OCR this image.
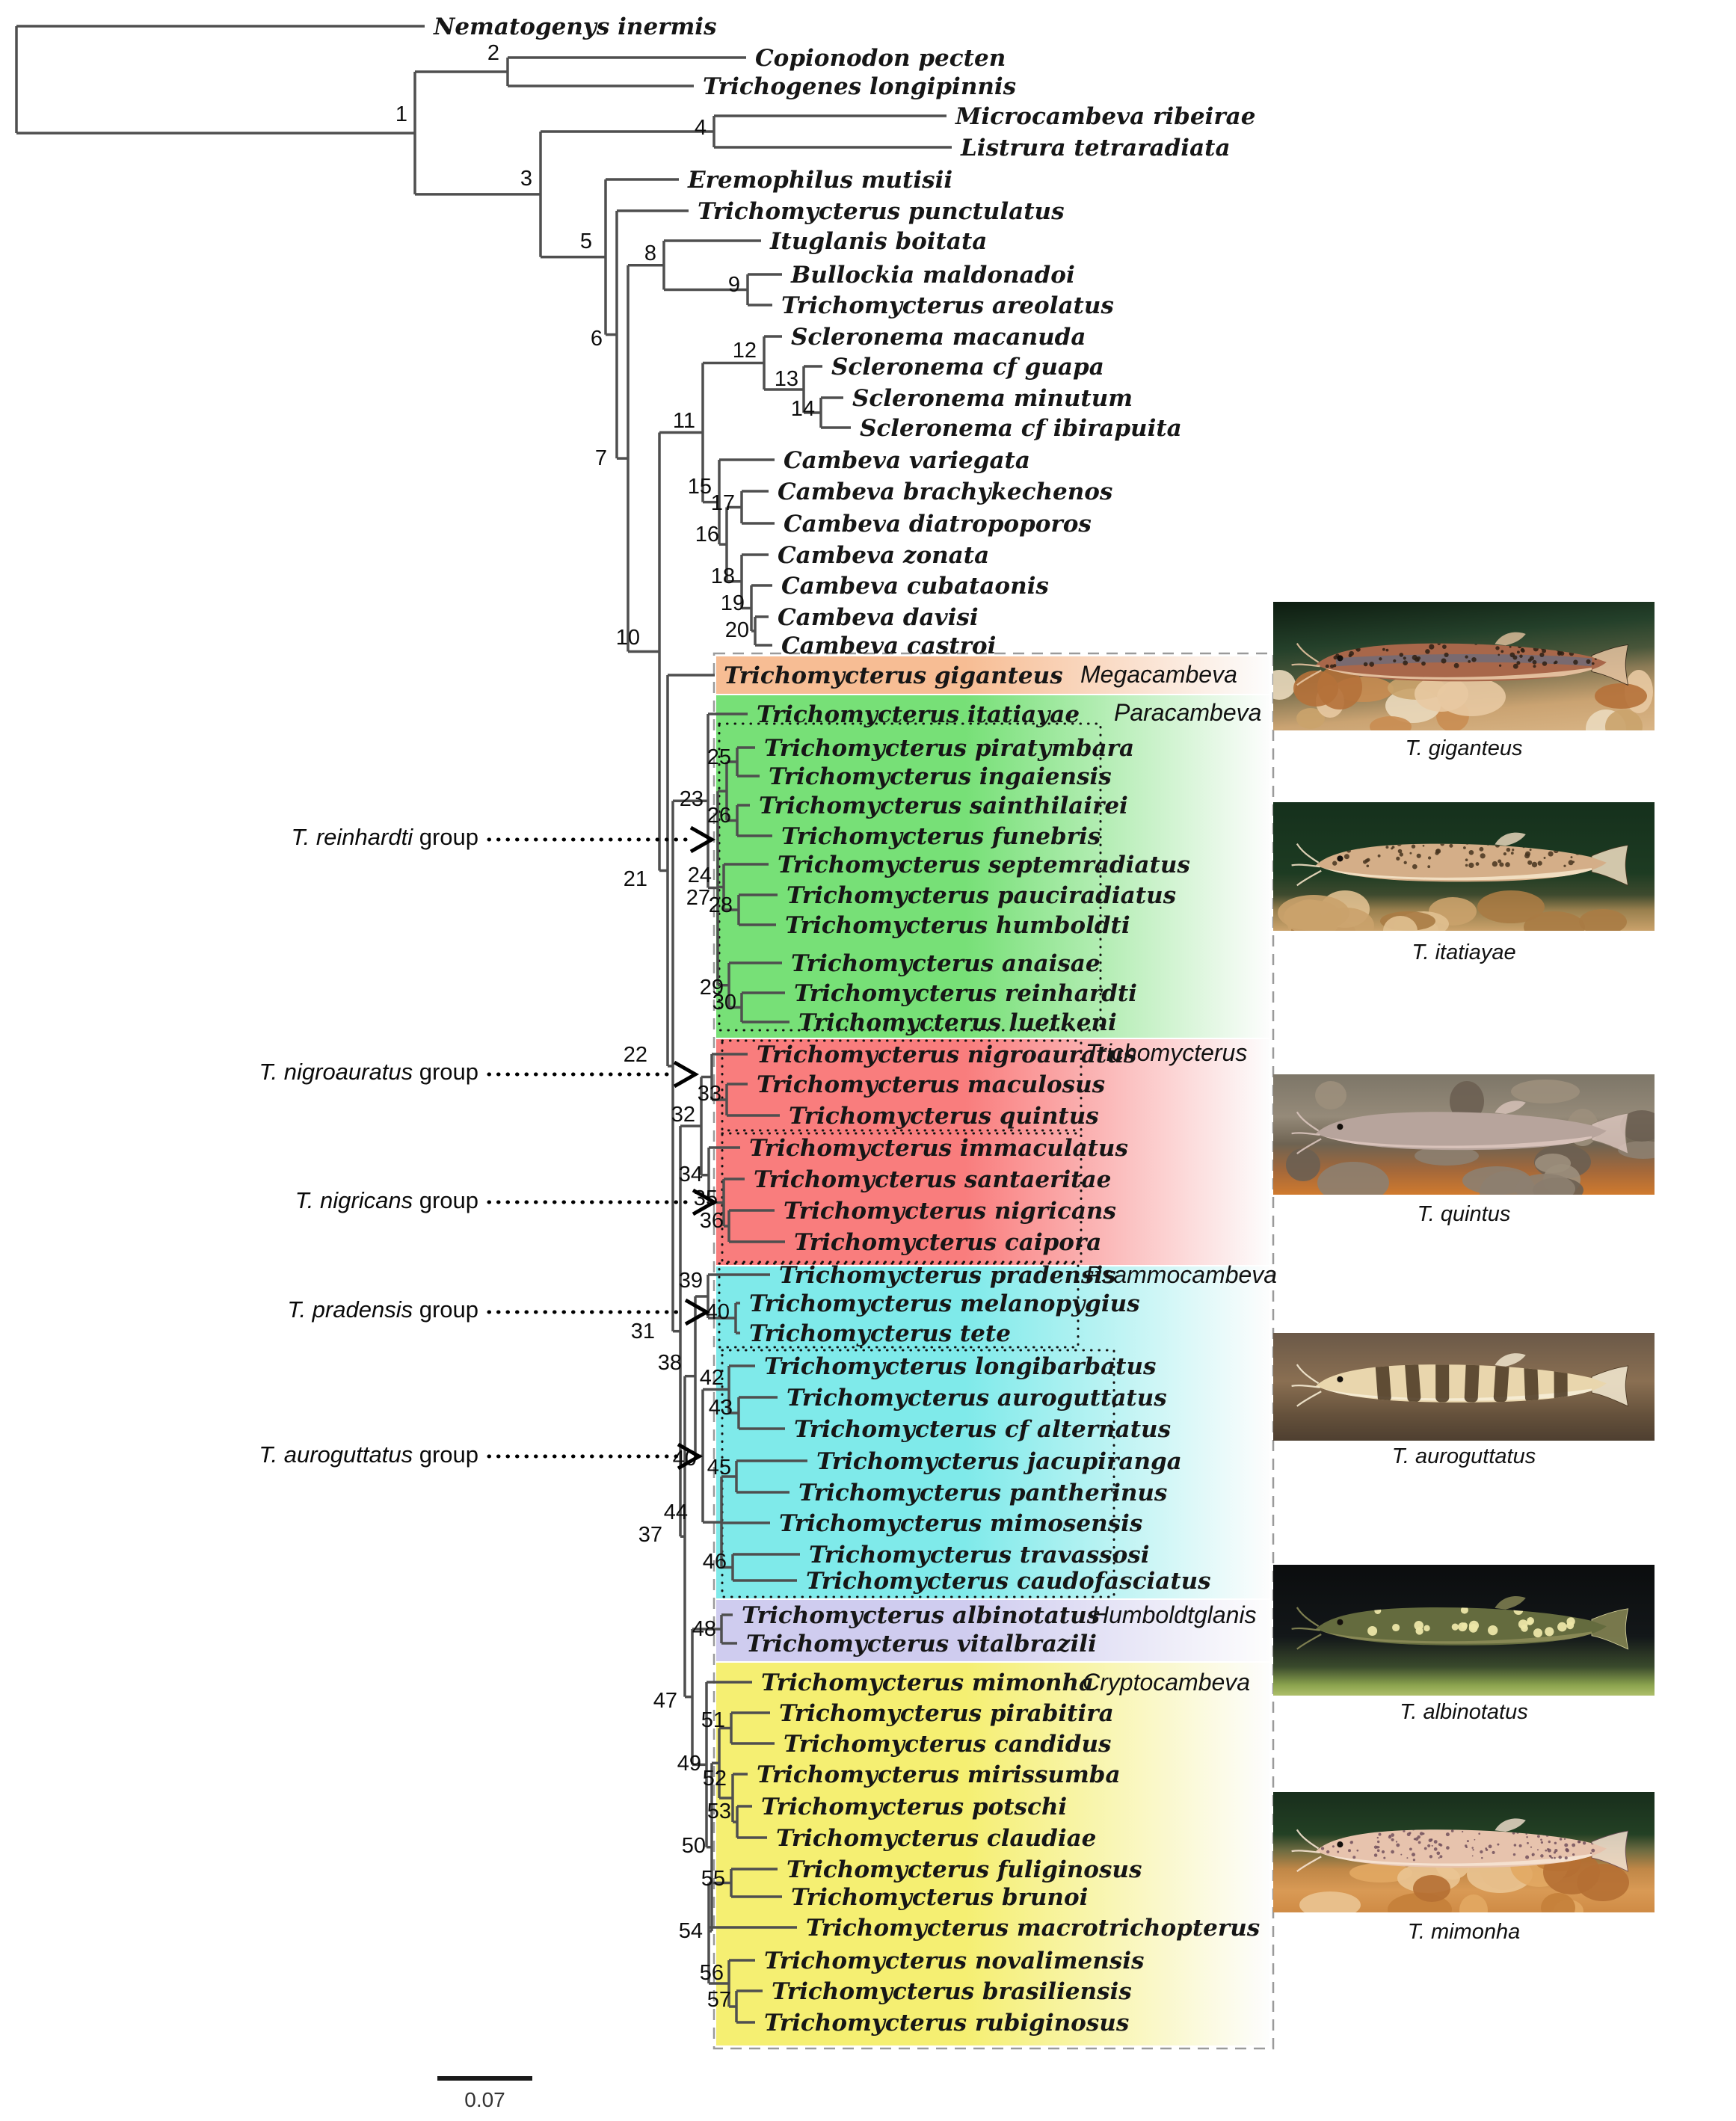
Megacambeva
Paracambeva
Trichomycterus
Psammocambeva
Humboldtglanis
Cryptocambeva
2
4
9
8
14
13
12
17
20
19
18
16
15
11
25
26
28
27
30
29
24
23
33
36
35
34
32
40
39
43
42
45
46
44
40
38
48
51
53
52
55
57
56
54
50
49
47
37
31
22
21
10
7
6
5
3
1
Nematogenys inermis
Copionodon pecten
Trichogenes longipinnis
Microcambeva ribeirae
Listrura tetraradiata
Eremophilus mutisii
Trichomycterus punctulatus
Ituglanis boitata
Bullockia maldonadoi
Trichomycterus areolatus
Scleronema macanuda
Scleronema cf guapa
Scleronema minutum
Scleronema cf ibirapuita
Cambeva variegata
Cambeva brachykechenos
Cambeva diatropoporos
Cambeva zonata
Cambeva cubataonis
Cambeva davisi
Cambeva castroi
Trichomycterus giganteus
Trichomycterus itatiayae
Trichomycterus piratymbara
Trichomycterus ingaiensis
Trichomycterus sainthilairei
Trichomycterus funebris
Trichomycterus septemradiatus
Trichomycterus pauciradiatus
Trichomycterus humboldti
Trichomycterus anaisae
Trichomycterus reinhardti
Trichomycterus luetkeni
Trichomycterus nigroauratus
Trichomycterus maculosus
Trichomycterus quintus
Trichomycterus immaculatus
Trichomycterus santaeritae
Trichomycterus nigricans
Trichomycterus caipora
Trichomycterus pradensis
Trichomycterus melanopygius
Trichomycterus tete
Trichomycterus longibarbatus
Trichomycterus auroguttatus
Trichomycterus cf alternatus
Trichomycterus jacupiranga
Trichomycterus pantherinus
Trichomycterus mimosensis
Trichomycterus travassosi
Trichomycterus caudofasciatus
Trichomycterus albinotatus
Trichomycterus vitalbrazili
Trichomycterus mimonha
Trichomycterus pirabitira
Trichomycterus candidus
Trichomycterus mirissumba
Trichomycterus potschi
Trichomycterus claudiae
Trichomycterus fuliginosus
Trichomycterus brunoi
Trichomycterus macrotrichopterus
Trichomycterus novalimensis
Trichomycterus brasiliensis
Trichomycterus rubiginosus
T. reinhardti group
T. nigroauratus group
T. nigricans group
T. pradensis group
T. auroguttatus group
0.07
T. giganteus
T. itatiayae
T. quintus
T. auroguttatus
T. albinotatus
T. mimonha
